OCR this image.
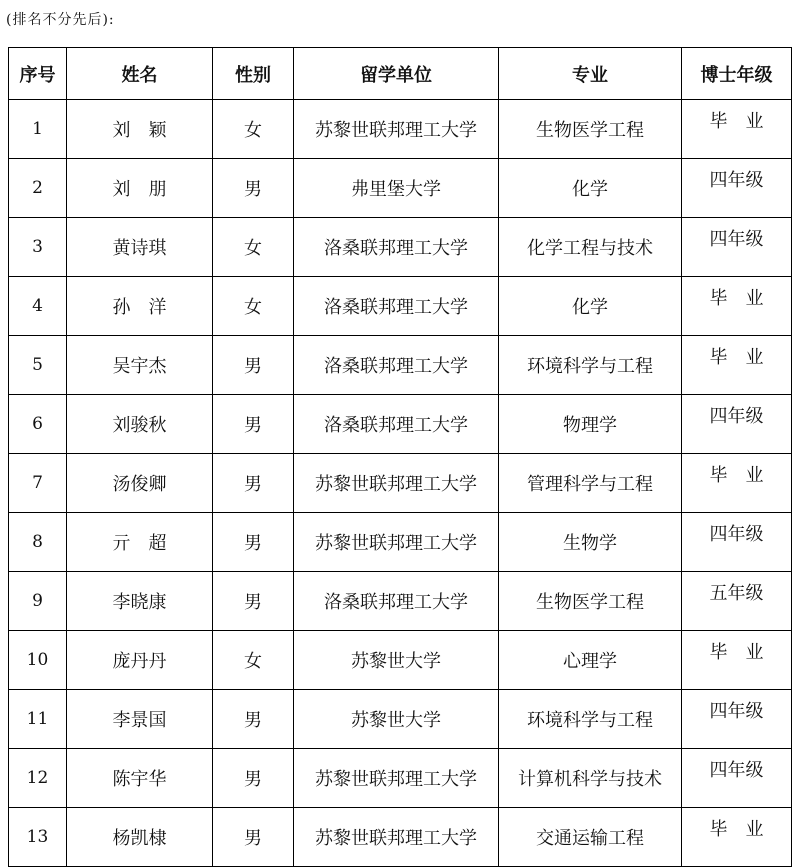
(排名不分先后):
序号	姓名	性别	留学单位	专业	博士年级
1	刘　颖	女	苏黎世联邦理工大学	生物医学工程	毕　业
2	刘　朋	男	弗里堡大学	化学	四年级
3	黄诗琪	女	洛桑联邦理工大学	化学工程与技术	四年级
4	孙　洋	女	洛桑联邦理工大学	化学	毕　业
5	吴宇杰	男	洛桑联邦理工大学	环境科学与工程	毕　业
6	刘骏秋	男	洛桑联邦理工大学	物理学	四年级
7	汤俊卿	男	苏黎世联邦理工大学	管理科学与工程	毕　业
8	亓　超	男	苏黎世联邦理工大学	生物学	四年级
9	李晓康	男	洛桑联邦理工大学	生物医学工程	五年级
10	庞丹丹	女	苏黎世大学	心理学	毕　业
11	李景国	男	苏黎世大学	环境科学与工程	四年级
12	陈宇华	男	苏黎世联邦理工大学	计算机科学与技术	四年级
13	杨凯棣	男	苏黎世联邦理工大学	交通运输工程	毕　业
